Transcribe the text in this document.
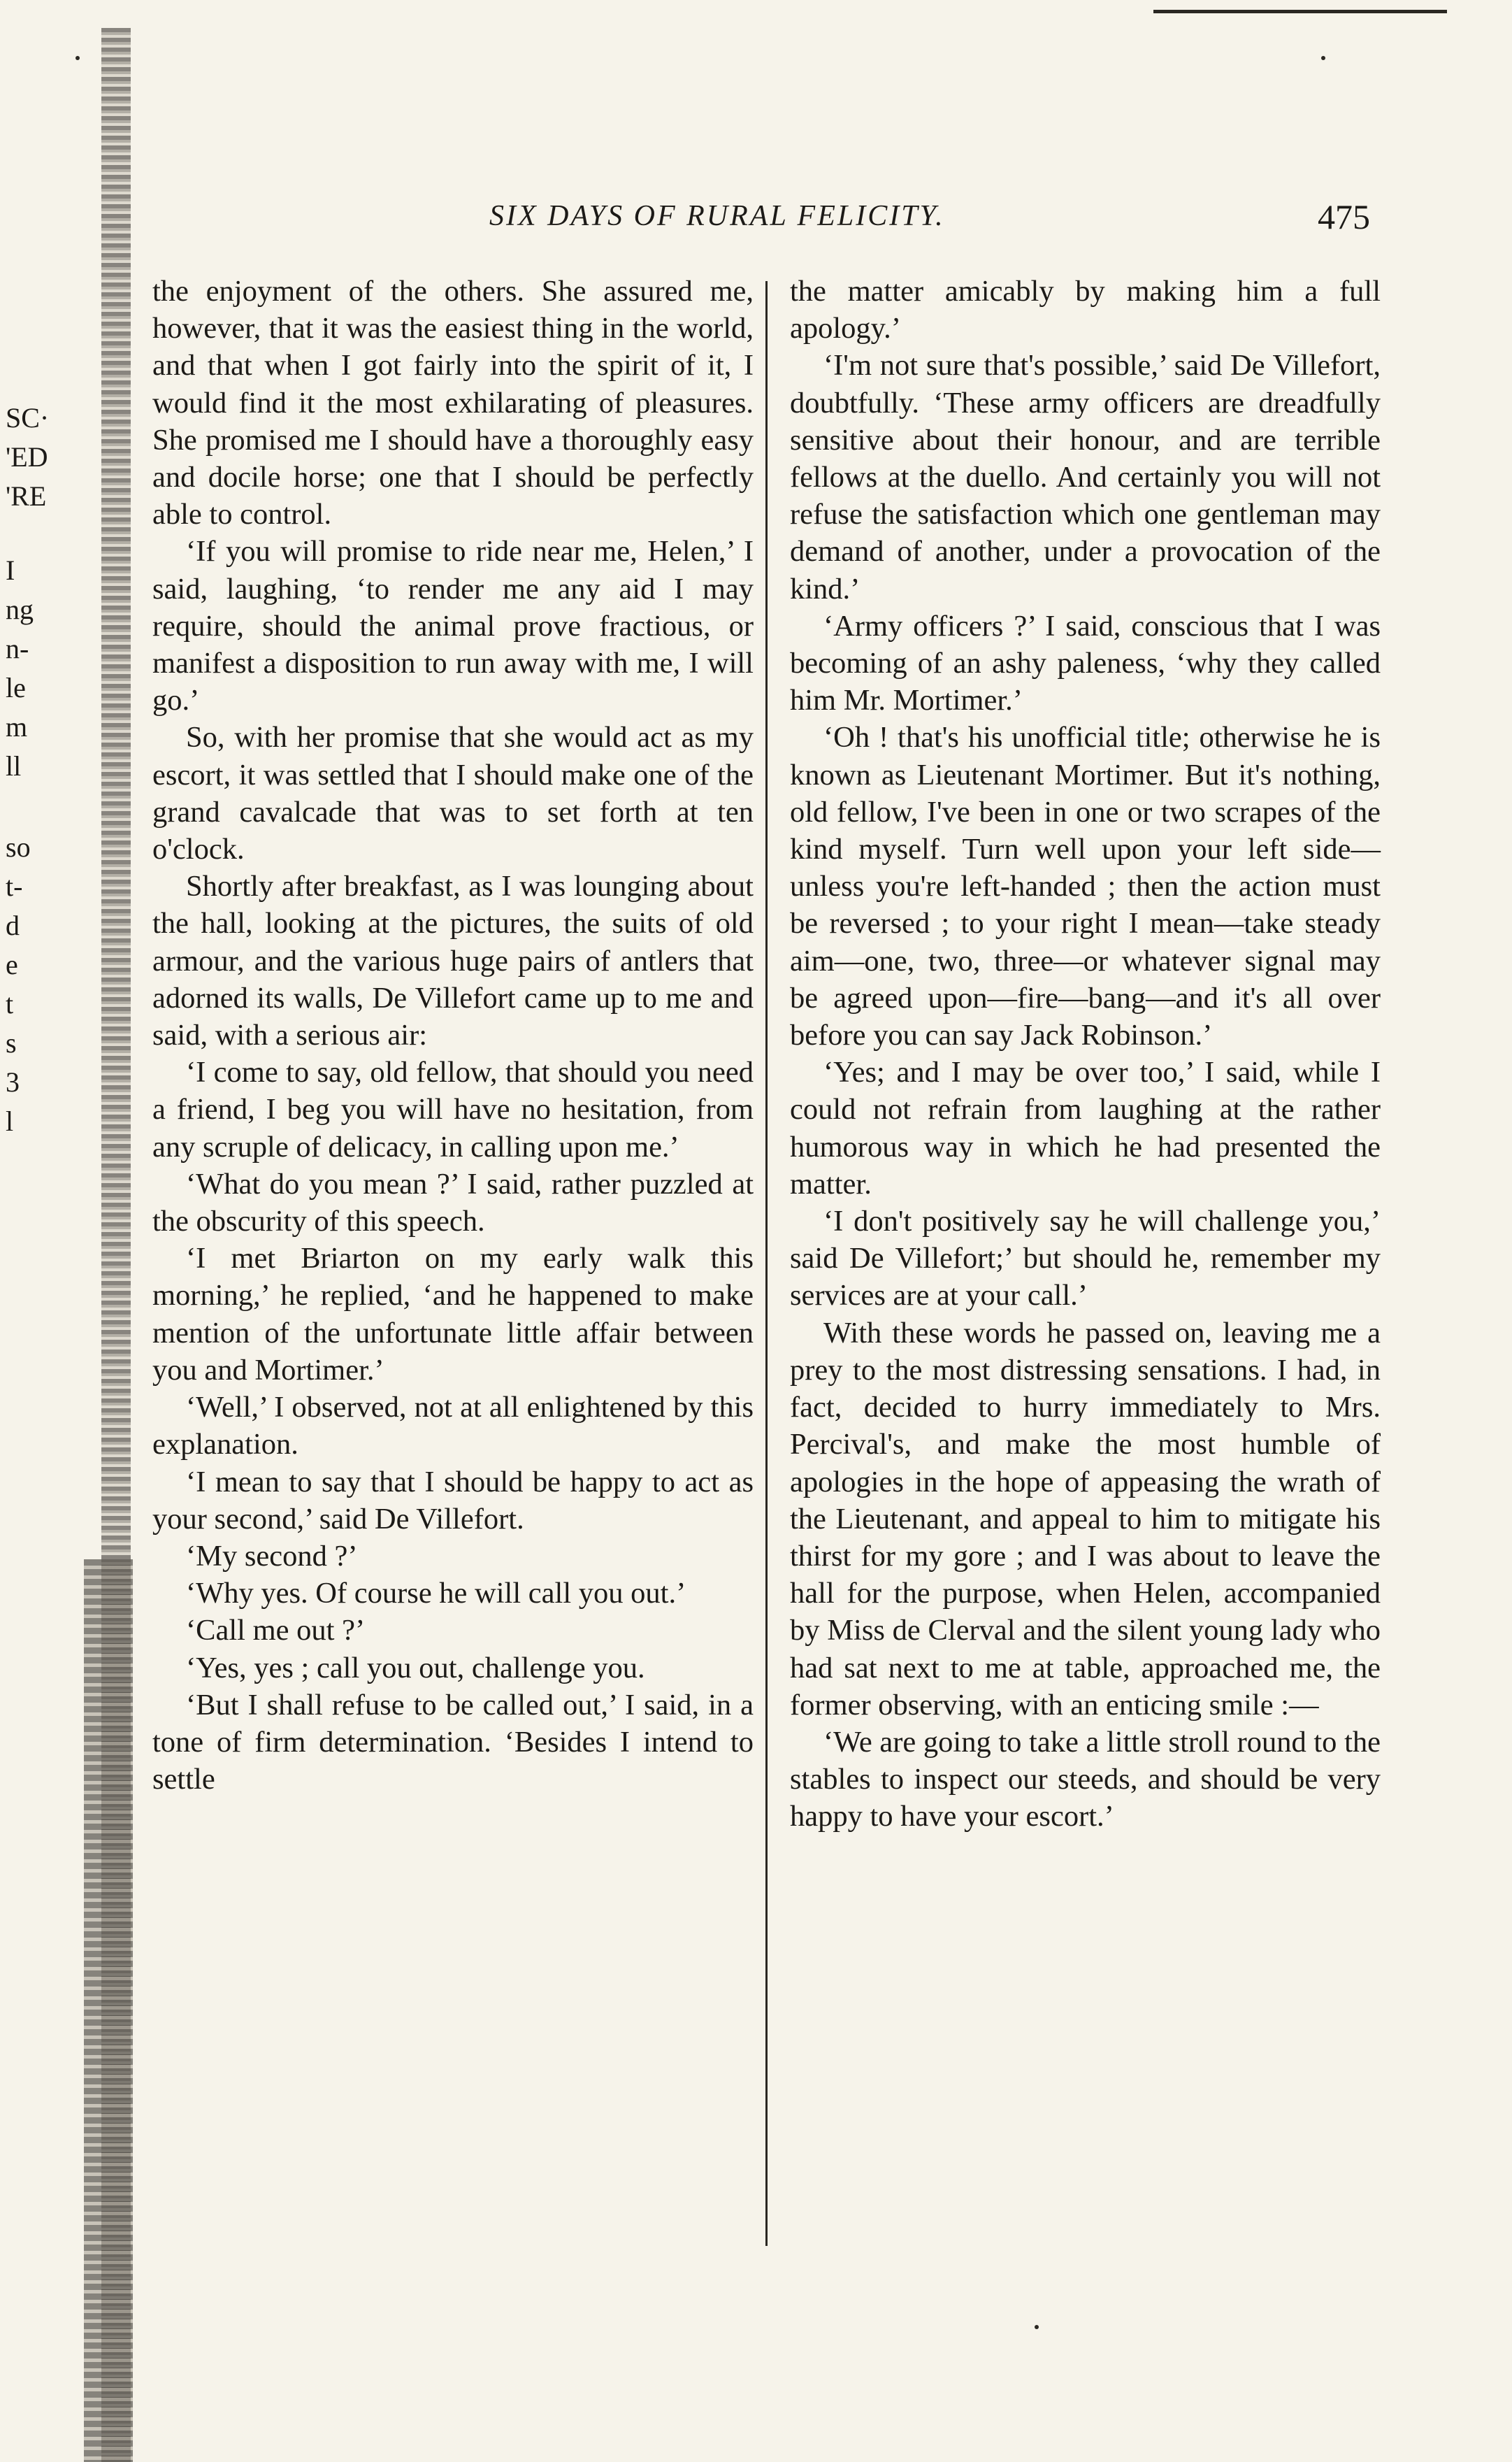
SC·
'ED
'RE
I
ng
n-
le
m
ll
so
t-
d
e
t
s
3
l
SIX DAYS OF RURAL FELICITY.	475

the enjoyment of the others. She assured me, however, that it was the easiest thing in the world, and that when I got fairly into the spirit of it, I would find it the most exhilarating of pleasures. She promised me I should have a thoroughly easy and docile horse; one that I should be perfectly able to control.

‘If you will promise to ride near me, Helen,’ I said, laughing, ‘to render me any aid I may require, should the animal prove fractious, or manifest a disposition to run away with me, I will go.’

So, with her promise that she would act as my escort, it was settled that I should make one of the grand cavalcade that was to set forth at ten o'clock.

Shortly after breakfast, as I was lounging about the hall, looking at the pictures, the suits of old armour, and the various huge pairs of antlers that adorned its walls, De Villefort came up to me and said, with a serious air:

‘I come to say, old fellow, that should you need a friend, I beg you will have no hesitation, from any scruple of delicacy, in calling upon me.’

‘What do you mean ?’ I said, rather puzzled at the obscurity of this speech.

‘I met Briarton on my early walk this morning,’ he replied, ‘and he happened to make mention of the unfortunate little affair between you and Mortimer.’

‘Well,’ I observed, not at all enlightened by this explanation.

‘I mean to say that I should be happy to act as your second,’ said De Villefort.

‘My second ?’

‘Why yes. Of course he will call you out.’

‘Call me out ?’

‘Yes, yes ; call you out, challenge you.

‘But I shall refuse to be called out,’ I said, in a tone of firm determination. ‘Besides I intend to settle

the matter amicably by making him a full apology.’

‘I'm not sure that's possible,’ said De Villefort, doubtfully. ‘These army officers are dreadfully sensitive about their honour, and are terrible fellows at the duello. And certainly you will not refuse the satisfaction which one gentleman may demand of another, under a provocation of the kind.’

‘Army officers ?’ I said, conscious that I was becoming of an ashy paleness, ‘why they called him Mr. Mortimer.’

‘Oh ! that's his unofficial title; otherwise he is known as Lieutenant Mortimer. But it's nothing, old fellow, I've been in one or two scrapes of the kind myself. Turn well upon your left side—unless you're left-handed ; then the action must be reversed ; to your right I mean—take steady aim—one, two, three—or whatever signal may be agreed upon—fire—bang—and it's all over before you can say Jack Robinson.’

‘Yes; and I may be over too,’ I said, while I could not refrain from laughing at the rather humorous way in which he had presented the matter.

‘I don't positively say he will challenge you,’ said De Villefort;’ but should he, remember my services are at your call.’

With these words he passed on, leaving me a prey to the most distressing sensations. I had, in fact, decided to hurry immediately to Mrs. Percival's, and make the most humble of apologies in the hope of appeasing the wrath of the Lieutenant, and appeal to him to mitigate his thirst for my gore ; and I was about to leave the hall for the purpose, when Helen, accompanied by Miss de Clerval and the silent young lady who had sat next to me at table, approached me, the former observing, with an enticing smile :—

‘We are going to take a little stroll round to the stables to inspect our steeds, and should be very happy to have your escort.’
